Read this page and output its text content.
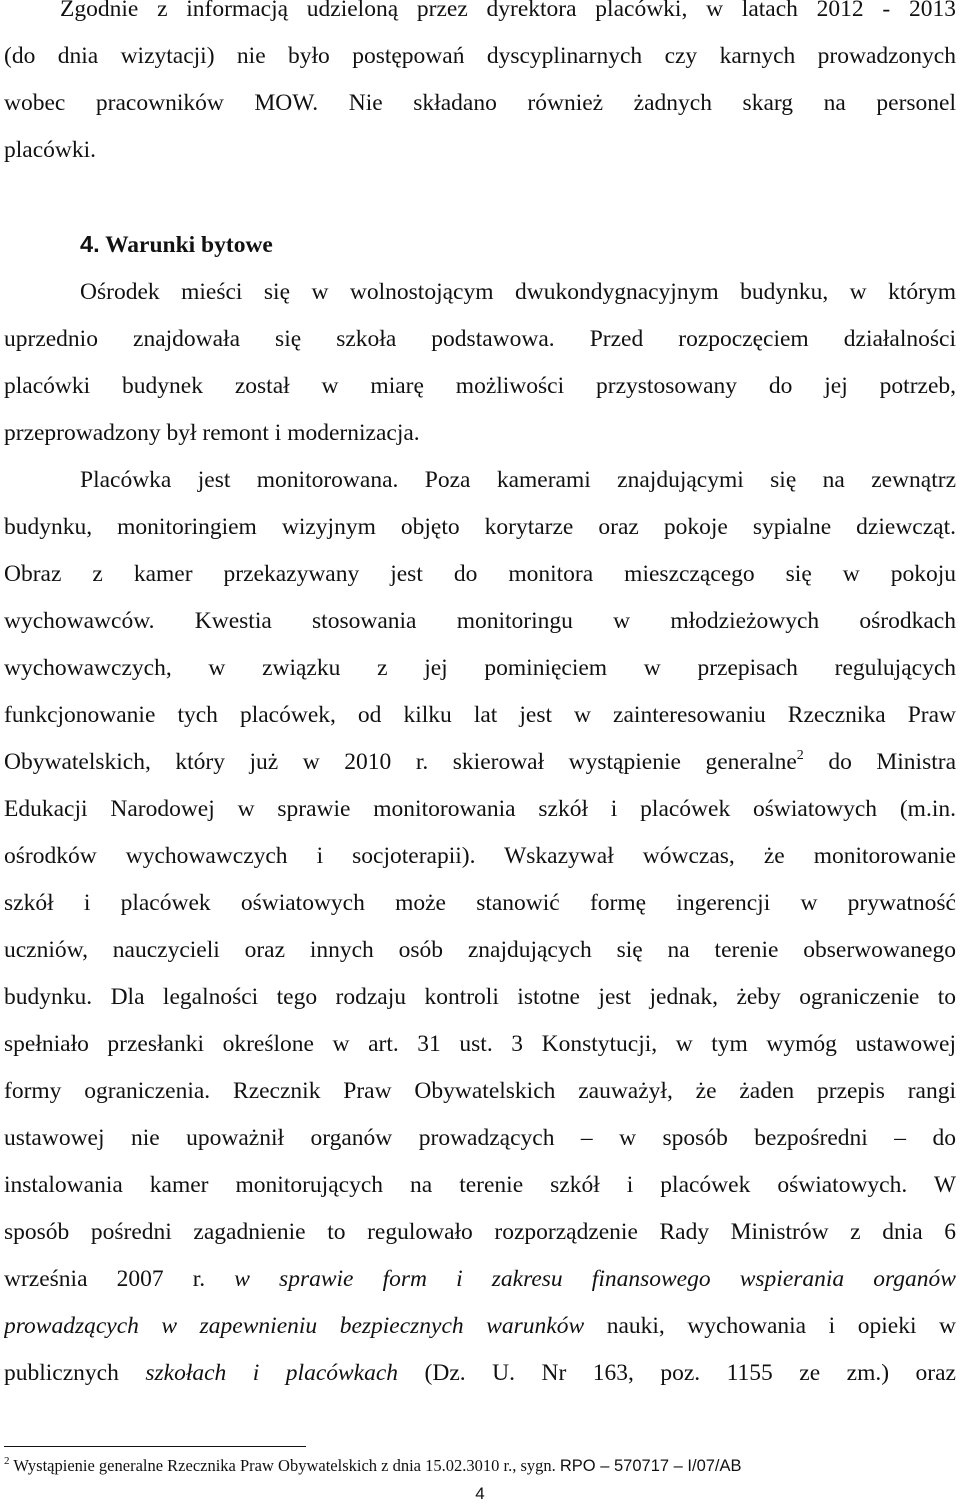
Zgodnie z informacją udzieloną przez dyrektora placówki, w latach 2012 - 2013
(do dnia wizytacji) nie było postępowań dyscyplinarnych czy karnych prowadzonych
wobec pracowników MOW. Nie składano również żadnych skarg na personel
placówki.
4. Warunki bytowe
Ośrodek mieści się w wolnostojącym dwukondygnacyjnym budynku, w którym
uprzednio znajdowała się szkoła podstawowa. Przed rozpoczęciem działalności
placówki budynek został w miarę możliwości przystosowany do jej potrzeb,
przeprowadzony był remont i modernizacja.
Placówka jest monitorowana. Poza kamerami znajdującymi się na zewnątrz
budynku, monitoringiem wizyjnym objęto korytarze oraz pokoje sypialne dziewcząt.
Obraz z kamer przekazywany jest do monitora mieszczącego się w pokoju
wychowawców. Kwestia stosowania monitoringu w młodzieżowych ośrodkach
wychowawczych, w związku z jej pominięciem w przepisach regulujących
funkcjonowanie tych placówek, od kilku lat jest w zainteresowaniu Rzecznika Praw
Obywatelskich, który już w 2010 r. skierował wystąpienie generalne$^2$ do Ministra
Edukacji Narodowej w sprawie monitorowania szkół i placówek oświatowych (m.in.
ośrodków wychowawczych i socjoterapii). Wskazywał wówczas, że monitorowanie
szkół i placówek oświatowych może stanowić formę ingerencji w prywatność
uczniów, nauczycieli oraz innych osób znajdujących się na terenie obserwowanego
budynku. Dla legalności tego rodzaju kontroli istotne jest jednak, żeby ograniczenie to
spełniało przesłanki określone w art. 31 ust. 3 Konstytucji, w tym wymóg ustawowej
formy ograniczenia. Rzecznik Praw Obywatelskich zauważył, że żaden przepis rangi
ustawowej nie upoważnił organów prowadzących – w sposób bezpośredni – do
instalowania kamer monitorujących na terenie szkół i placówek oświatowych. W
sposób pośredni zagadnienie to regulowało rozporządzenie Rady Ministrów z dnia 6
września 2007 r. w sprawie form i zakresu finansowego wspierania organów
prowadzących w zapewnieniu bezpiecznych warunków nauki, wychowania i opieki w
publicznych szkołach i placówkach (Dz. U. Nr 163, poz. 1155 ze zm.) oraz
$^2$ Wystąpienie generalne Rzecznika Praw Obywatelskich z dnia 15.02.3010 r., sygn. RPO – 570717 – I/07/AB
4
